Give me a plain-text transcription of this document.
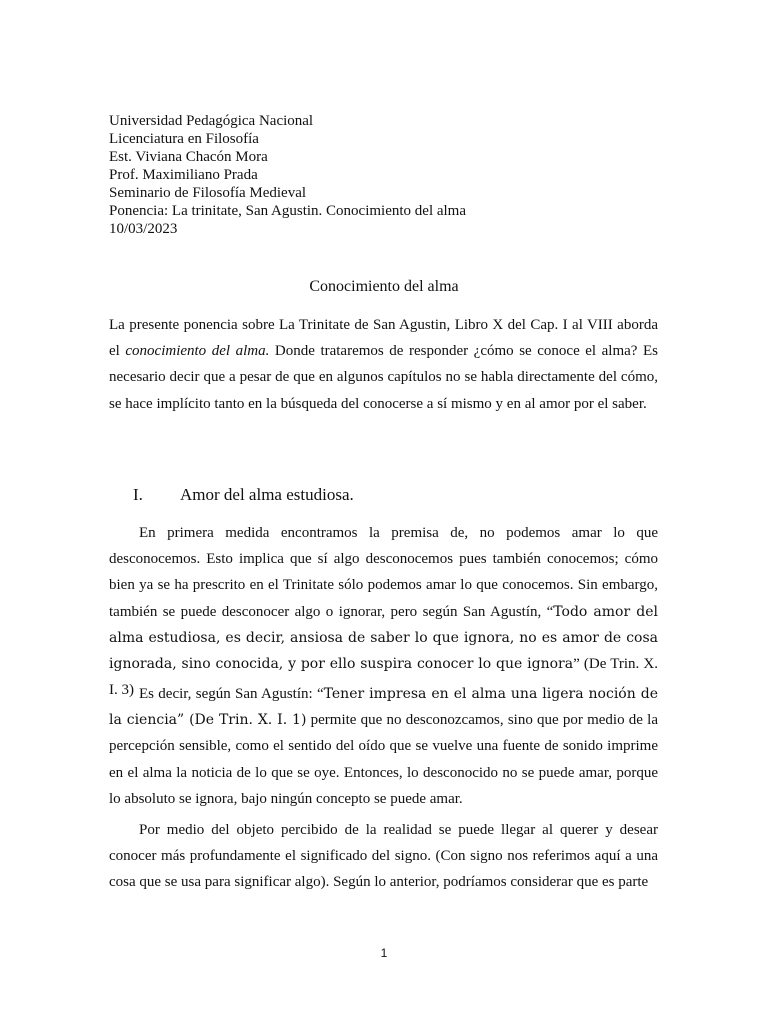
Universidad Pedagógica Nacional
Licenciatura en Filosofía
Est. Viviana Chacón Mora
Prof. Maximiliano Prada
Seminario de Filosofía Medieval
Ponencia: La trinitate, San Agustin. Conocimiento del alma
10/03/2023
Conocimiento del alma

La presente ponencia sobre La Trinitate de San Agustin, Libro X del Cap. I al VIII aborda el conocimiento del alma. Donde trataremos de responder ¿cómo se conoce el alma? Es necesario decir que a pesar de que en algunos capítulos no se habla directamente del cómo, se hace implícito tanto en la búsqueda del conocerse a sí mismo y en al amor por el saber.

I. Amor del alma estudiosa.

En primera medida encontramos la premisa de, no podemos amar lo que desconocemos. Esto implica que sí algo desconocemos pues también conocemos; cómo bien ya se ha prescrito en el Trinitate sólo podemos amar lo que conocemos. Sin embargo, también se puede desconocer algo o ignorar, pero según San Agustín, “Todo amor del alma estudiosa, es decir, ansiosa de saber lo que ignora, no es amor de cosa ignorada, sino conocida, y por ello suspira conocer lo que ignora” (De Trin. X. I. 3) Es decir, según San Agustín: “Tener impresa en el alma una ligera noción de la ciencia” (De Trin. X. I. 1) permite que no desconozcamos, sino que por medio de la percepción sensible, como el sentido del oído que se vuelve una fuente de sonido imprime en el alma la noticia de lo que se oye. Entonces, lo desconocido no se puede amar, porque lo absoluto se ignora, bajo ningún concepto se puede amar.

Por medio del objeto percibido de la realidad se puede llegar al querer y desear conocer más profundamente el significado del signo. (Con signo nos referimos aquí a una cosa que se usa para significar algo). Según lo anterior, podríamos considerar que es parte

1
